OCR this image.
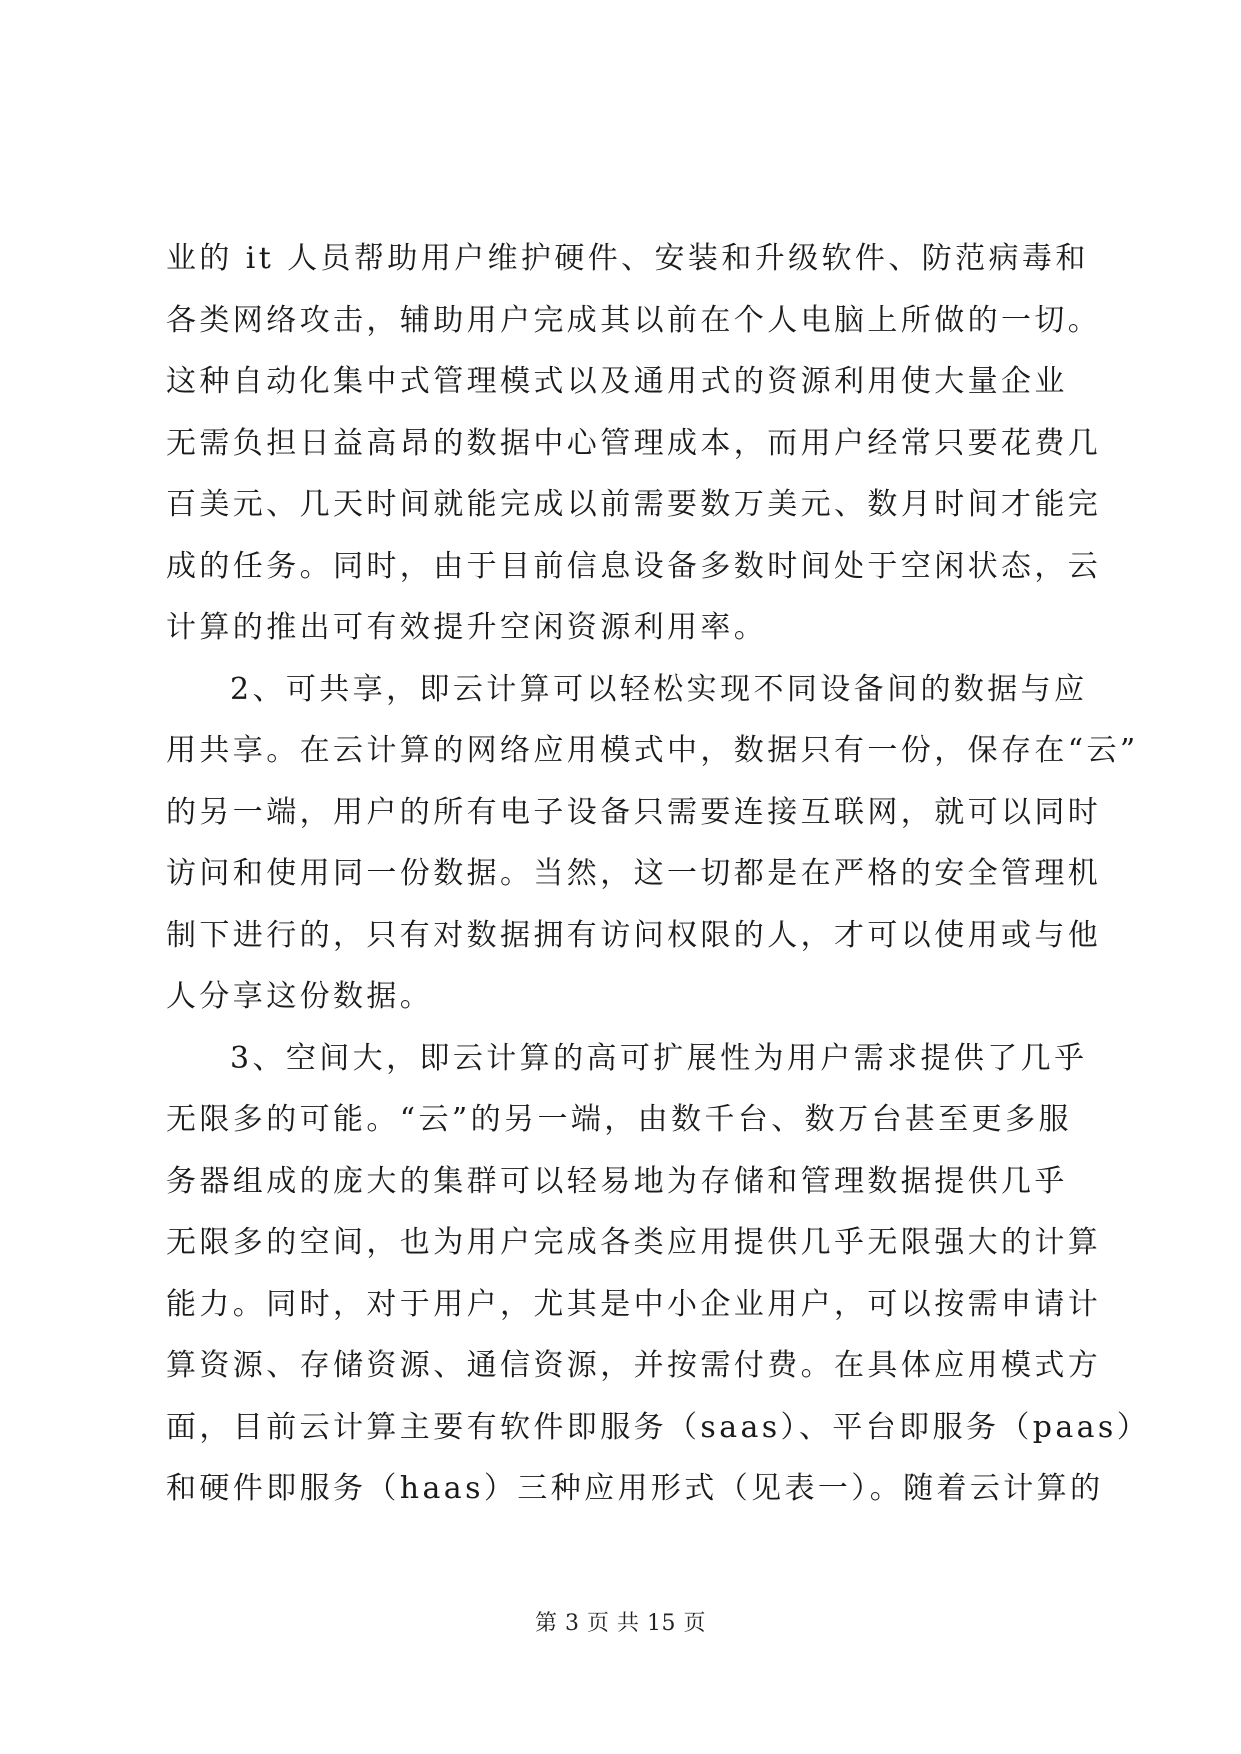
业的 it 人员帮助用户维护硬件、安装和升级软件、防范病毒和
各类网络攻击，辅助用户完成其以前在个人电脑上所做的一切。
这种自动化集中式管理模式以及通用式的资源利用使大量企业
无需负担日益高昂的数据中心管理成本，而用户经常只要花费几
百美元、几天时间就能完成以前需要数万美元、数月时间才能完
成的任务。同时，由于目前信息设备多数时间处于空闲状态，云
计算的推出可有效提升空闲资源利用率。
2、可共享，即云计算可以轻松实现不同设备间的数据与应
用共享。在云计算的网络应用模式中，数据只有一份，保存在“云”
的另一端，用户的所有电子设备只需要连接互联网，就可以同时
访问和使用同一份数据。当然，这一切都是在严格的安全管理机
制下进行的，只有对数据拥有访问权限的人，才可以使用或与他
人分享这份数据。
3、空间大，即云计算的高可扩展性为用户需求提供了几乎
无限多的可能。“云”的另一端，由数千台、数万台甚至更多服
务器组成的庞大的集群可以轻易地为存储和管理数据提供几乎
无限多的空间，也为用户完成各类应用提供几乎无限强大的计算
能力。同时，对于用户，尤其是中小企业用户，可以按需申请计
算资源、存储资源、通信资源，并按需付费。在具体应用模式方
面，目前云计算主要有软件即服务（saas）、平台即服务（paas）
和硬件即服务（haas）三种应用形式（见表一）。随着云计算的
第 3 页 共 15 页
